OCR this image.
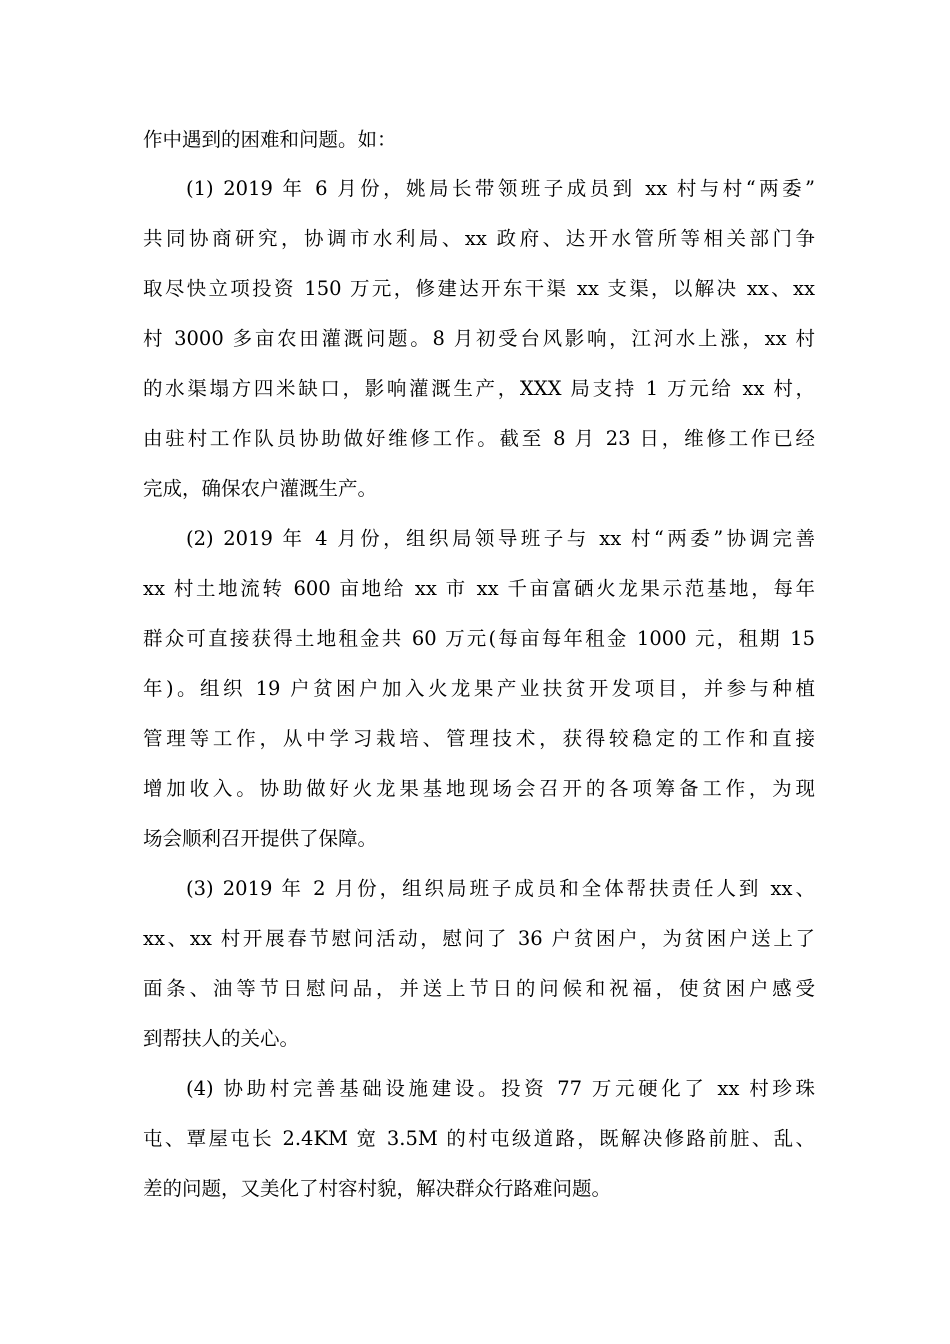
作中遇到的困难和问题。如：
(1) 2019 年 6 月份，姚局长带领班子成员到 xx 村与村“两委”
共同协商研究，协调市水利局、xx 政府、达开水管所等相关部门争
取尽快立项投资 150 万元，修建达开东干渠 xx 支渠，以解决 xx、xx
村 3000 多亩农田灌溉问题。8 月初受台风影响，江河水上涨，xx 村
的水渠塌方四米缺口，影响灌溉生产，XXX 局支持 1 万元给 xx 村，
由驻村工作队员协助做好维修工作。截至 8 月 23 日，维修工作已经
完成，确保农户灌溉生产。
(2) 2019 年 4 月份，组织局领导班子与 xx 村“两委”协调完善
xx 村土地流转 600 亩地给 xx 市 xx 千亩富硒火龙果示范基地，每年
群众可直接获得土地租金共 60 万元(每亩每年租金 1000 元，租期 15
年)。组织 19 户贫困户加入火龙果产业扶贫开发项目，并参与种植
管理等工作，从中学习栽培、管理技术，获得较稳定的工作和直接
增加收入。协助做好火龙果基地现场会召开的各项筹备工作，为现
场会顺利召开提供了保障。
(3) 2019 年 2 月份，组织局班子成员和全体帮扶责任人到 xx、
xx、xx 村开展春节慰问活动，慰问了 36 户贫困户，为贫困户送上了
面条、油等节日慰问品，并送上节日的问候和祝福，使贫困户感受
到帮扶人的关心。
(4) 协助村完善基础设施建设。投资 77 万元硬化了 xx 村珍珠
屯、覃屋屯长 2.4KM 宽 3.5M 的村屯级道路，既解决修路前脏、乱、
差的问题，又美化了村容村貌，解决群众行路难问题。
